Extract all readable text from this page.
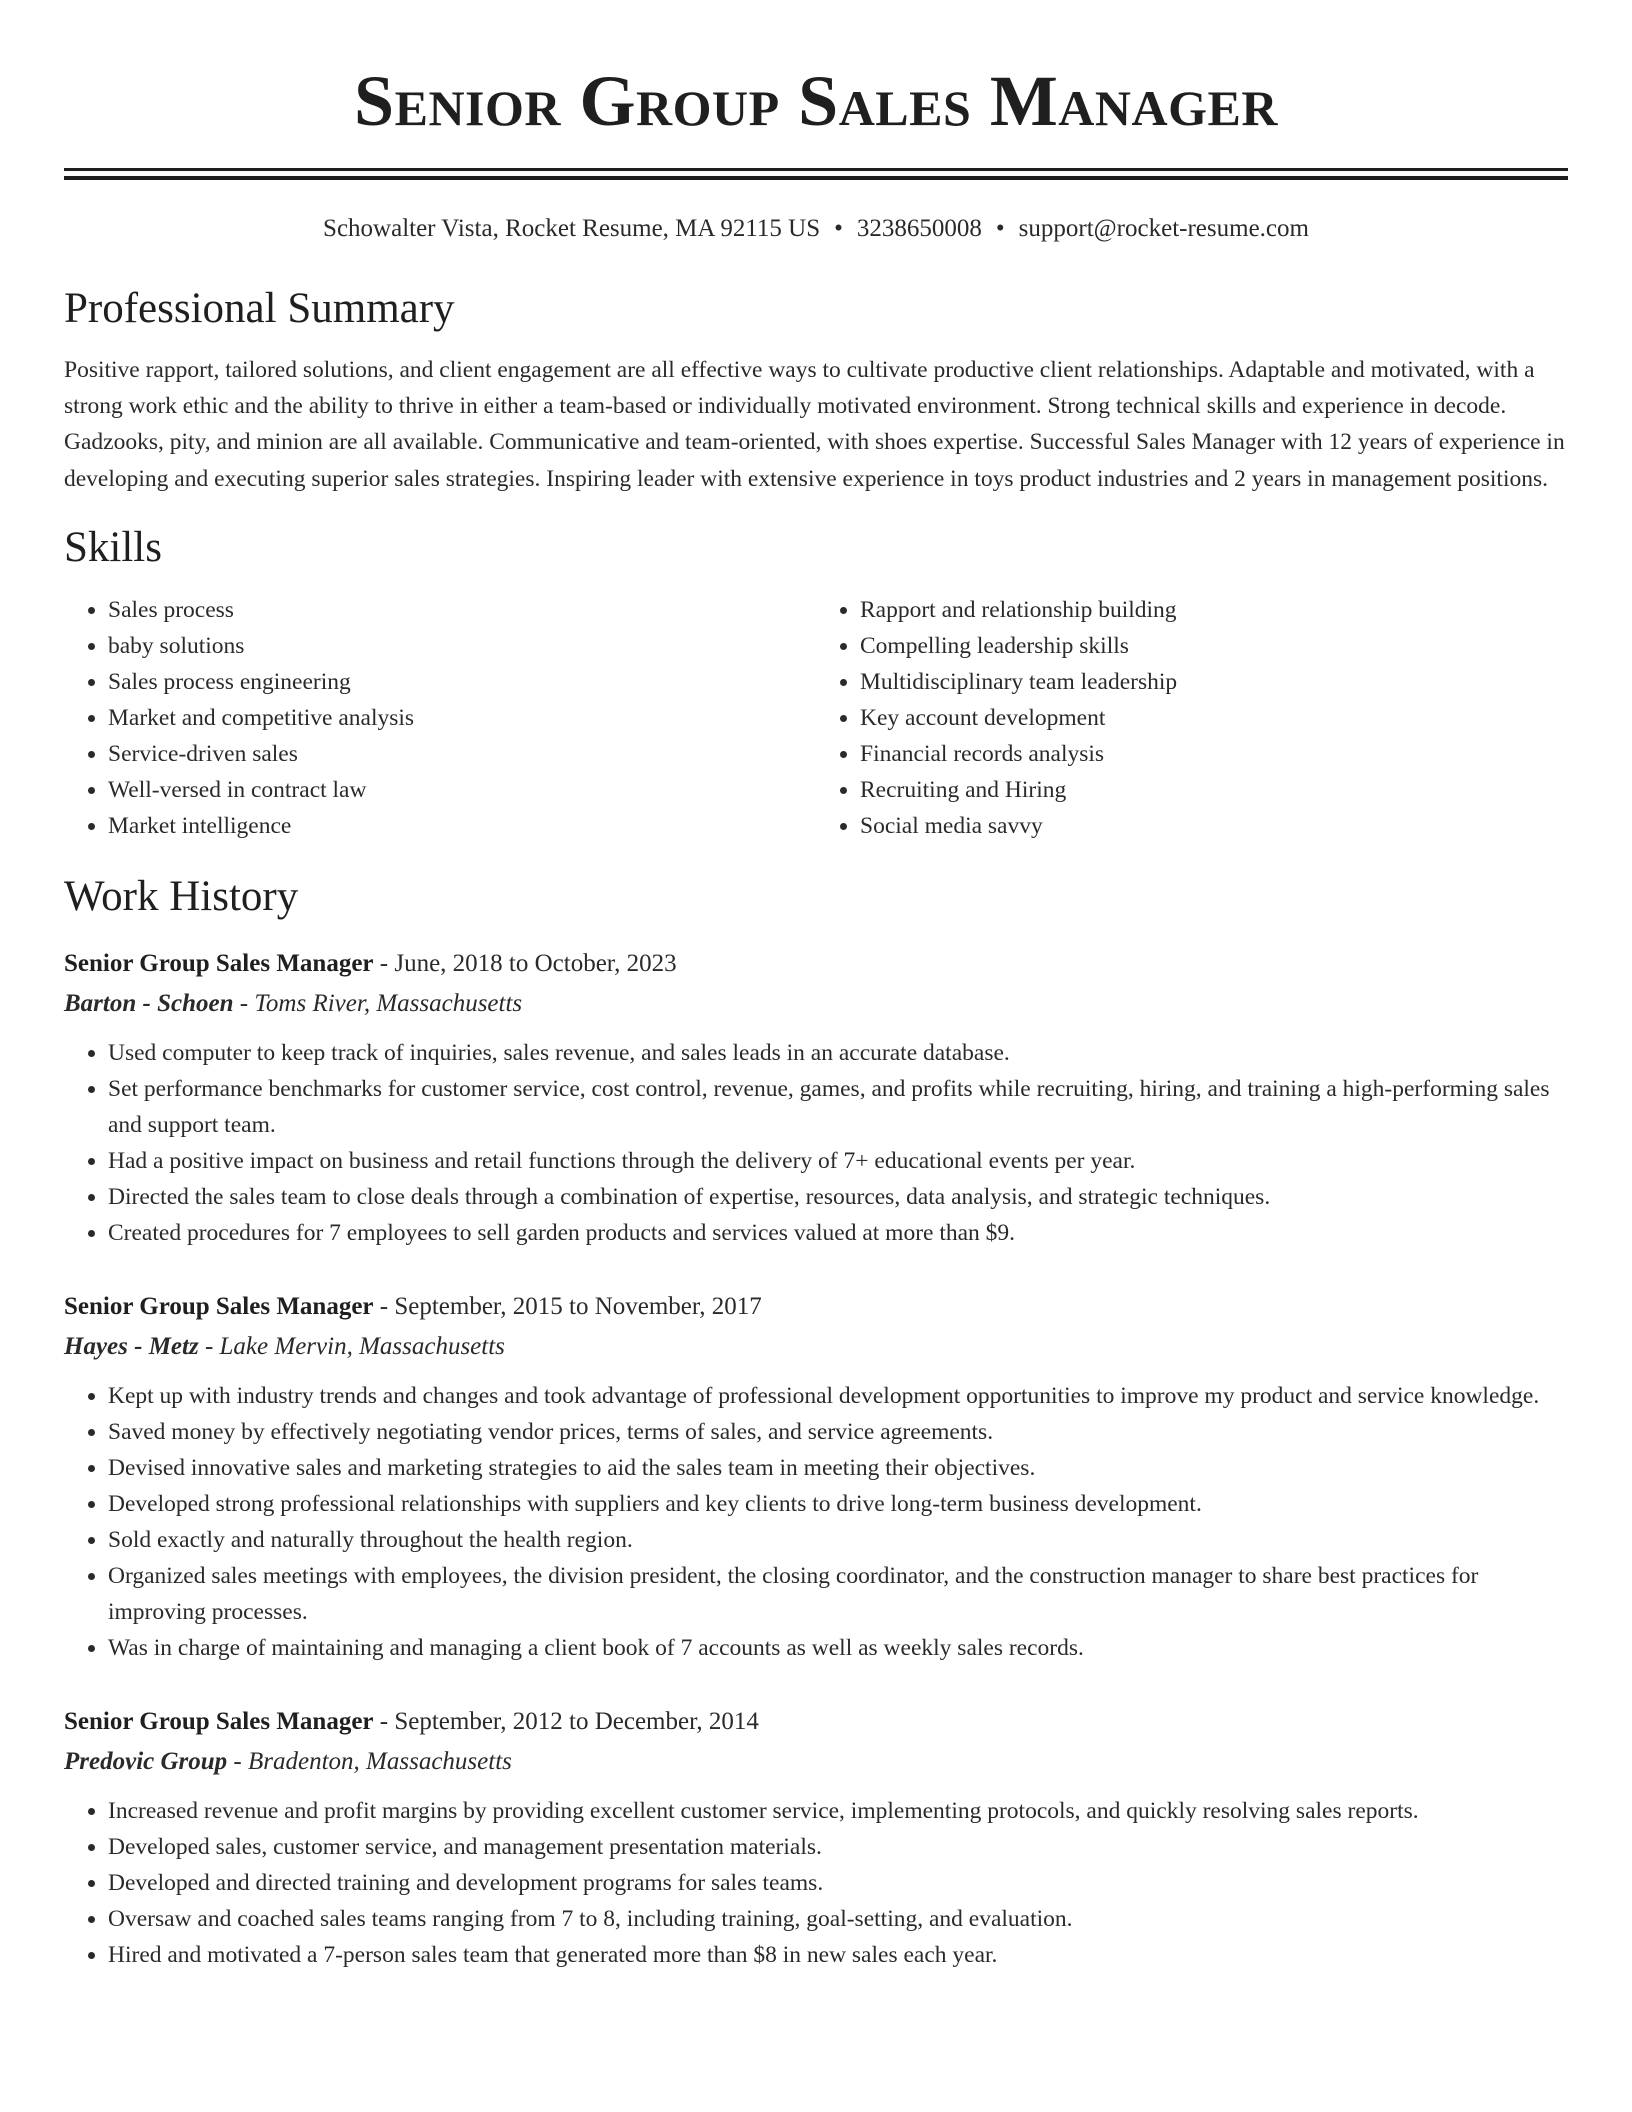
Senior Group Sales Manager
Schowalter Vista, Rocket Resume, MA 92115 US • 3238650008 • support@rocket-resume.com
Professional Summary

Positive rapport, tailored solutions, and client engagement are all effective ways to cultivate productive client relationships. Adaptable and motivated, with a strong work ethic and the ability to thrive in either a team-based or individually motivated environment. Strong technical skills and experience in decode. Gadzooks, pity, and minion are all available. Communicative and team-oriented, with shoes expertise. Successful Sales Manager with 12 years of experience in developing and executing superior sales strategies. Inspiring leader with extensive experience in toys product industries and 2 years in management positions.

Skills
• Sales process
• baby solutions
• Sales process engineering
• Market and competitive analysis
• Service-driven sales
• Well-versed in contract law
• Market intelligence
• Rapport and relationship building
• Compelling leadership skills
• Multidisciplinary team leadership
• Key account development
• Financial records analysis
• Recruiting and Hiring
• Social media savvy
Work History
Senior Group Sales Manager - June, 2018 to October, 2023
Barton - Schoen - Toms River, Massachusetts
• Used computer to keep track of inquiries, sales revenue, and sales leads in an accurate database.
• Set performance benchmarks for customer service, cost control, revenue, games, and profits while recruiting, hiring, and training a high-performing sales and support team.
• Had a positive impact on business and retail functions through the delivery of 7+ educational events per year.
• Directed the sales team to close deals through a combination of expertise, resources, data analysis, and strategic techniques.
• Created procedures for 7 employees to sell garden products and services valued at more than $9.
Senior Group Sales Manager - September, 2015 to November, 2017
Hayes - Metz - Lake Mervin, Massachusetts
• Kept up with industry trends and changes and took advantage of professional development opportunities to improve my product and service knowledge.
• Saved money by effectively negotiating vendor prices, terms of sales, and service agreements.
• Devised innovative sales and marketing strategies to aid the sales team in meeting their objectives.
• Developed strong professional relationships with suppliers and key clients to drive long-term business development.
• Sold exactly and naturally throughout the health region.
• Organized sales meetings with employees, the division president, the closing coordinator, and the construction manager to share best practices for improving processes.
• Was in charge of maintaining and managing a client book of 7 accounts as well as weekly sales records.
Senior Group Sales Manager - September, 2012 to December, 2014
Predovic Group - Bradenton, Massachusetts
• Increased revenue and profit margins by providing excellent customer service, implementing protocols, and quickly resolving sales reports.
• Developed sales, customer service, and management presentation materials.
• Developed and directed training and development programs for sales teams.
• Oversaw and coached sales teams ranging from 7 to 8, including training, goal-setting, and evaluation.
• Hired and motivated a 7-person sales team that generated more than $8 in new sales each year.
